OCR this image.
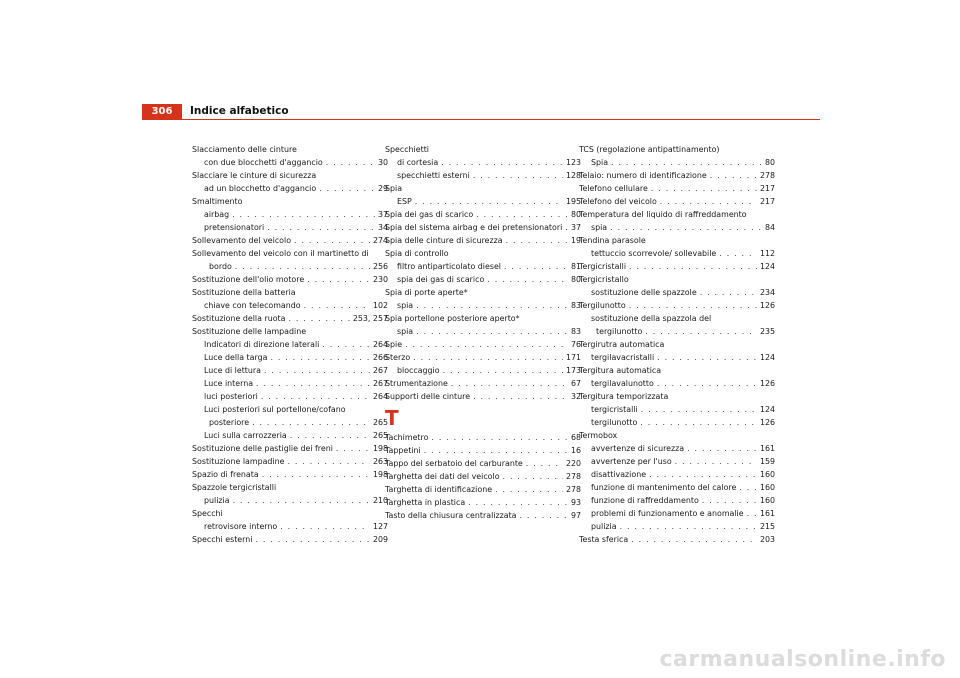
306	Indice alfabetico
Slacciamento delle cinture
con due blocchetti d'aggancio . . .	30
Slacciare le cinture di sicurezza
ad un blocchetto d'aggancio . . .	29
Smaltimento
airbag . . .	37
pretensionatori . . .	34
Sollevamento del veicolo . . .	274
Sollevamento del veicolo con il martinetto di
bordo . . .	256
Sostituzione dell'olio motore . . .	230
Sostituzione della batteria
chiave con telecomando . . .	102
Sostituzione della ruota . . .	253, 257
Sostituzione delle lampadine
Indicatori di direzione laterali . . .	264
Luce della targa . . .	266
Luce di lettura . . .	267
Luce interna . . .	267
luci posteriori . . .	264
Luci posteriori sul portellone/cofano
posteriore . . .	265
Luci sulla carrozzeria . . .	265
Sostituzione delle pastiglie dei freni . . .	198
Sostituzione lampadine . . .	263
Spazio di frenata . . .	198
Spazzole tergicristalli
pulizia . . .	210
Specchi
retrovisore interno . . .	127
Specchi esterni . . .	209
Specchietti
di cortesia . . .	123
specchietti esterni . . .	128
Spia
ESP . . .	195
Spia dei gas di scarico . . .	80
Spia del sistema airbag e dei pretensionatori . . . 37
Spia delle cinture di sicurezza . . .	19
Spia di controllo
filtro antiparticolato diesel . . .	81
spia dei gas di scarico . . .	80
Spia di porte aperte*
spia . . .	83
Spia portellone posteriore aperto*
spia . . .	83
Spie . . .	76
Sterzo . . .	171
bloccaggio . . .	173
Strumentazione . . .	67
Supporti delle cinture . . .	32
T
Tachimetro . . .	68
Tappetini . . .	16
Tappo del serbatoio del carburante . . .	220
Targhetta dei dati del veicolo . . .	278
Targhetta di identificazione . . .	278
Targhetta in plastica . . .	93
Tasto della chiusura centralizzata . . .	97
TCS (regolazione antipattinamento)
Spia . . .	80
Telaio: numero di identificazione . . .	278
Telefono cellulare . . .	217
Telefono del veicolo . . .	217
Temperatura del liquido di raffreddamento
spia . . .	84
Tendina parasole
tettuccio scorrevole/ sollevabile . . .	112
Tergicristalli . . .	124
Tergicristallo
sostituzione delle spazzole . . .	234
Tergilunotto . . .	126
sostituzione della spazzola del
tergilunotto . . .	235
Tergirutra automatica
tergilavacristalli . . .	124
Tergitura automatica
tergilavalunotto . . .	126
Tergitura temporizzata
tergicristalli . . .	124
tergilunotto . . .	126
Termobox
avvertenze di sicurezza . . .	161
avvertenze per l'uso . . .	159
disattivazione . . .	160
funzione di mantenimento del calore . . .	160
funzione di raffreddamento . . .	160
problemi di funzionamento e anomalie . . . 161
pulizia . . .	215
Testa sferica . . .	203
carmanualsonline.info
